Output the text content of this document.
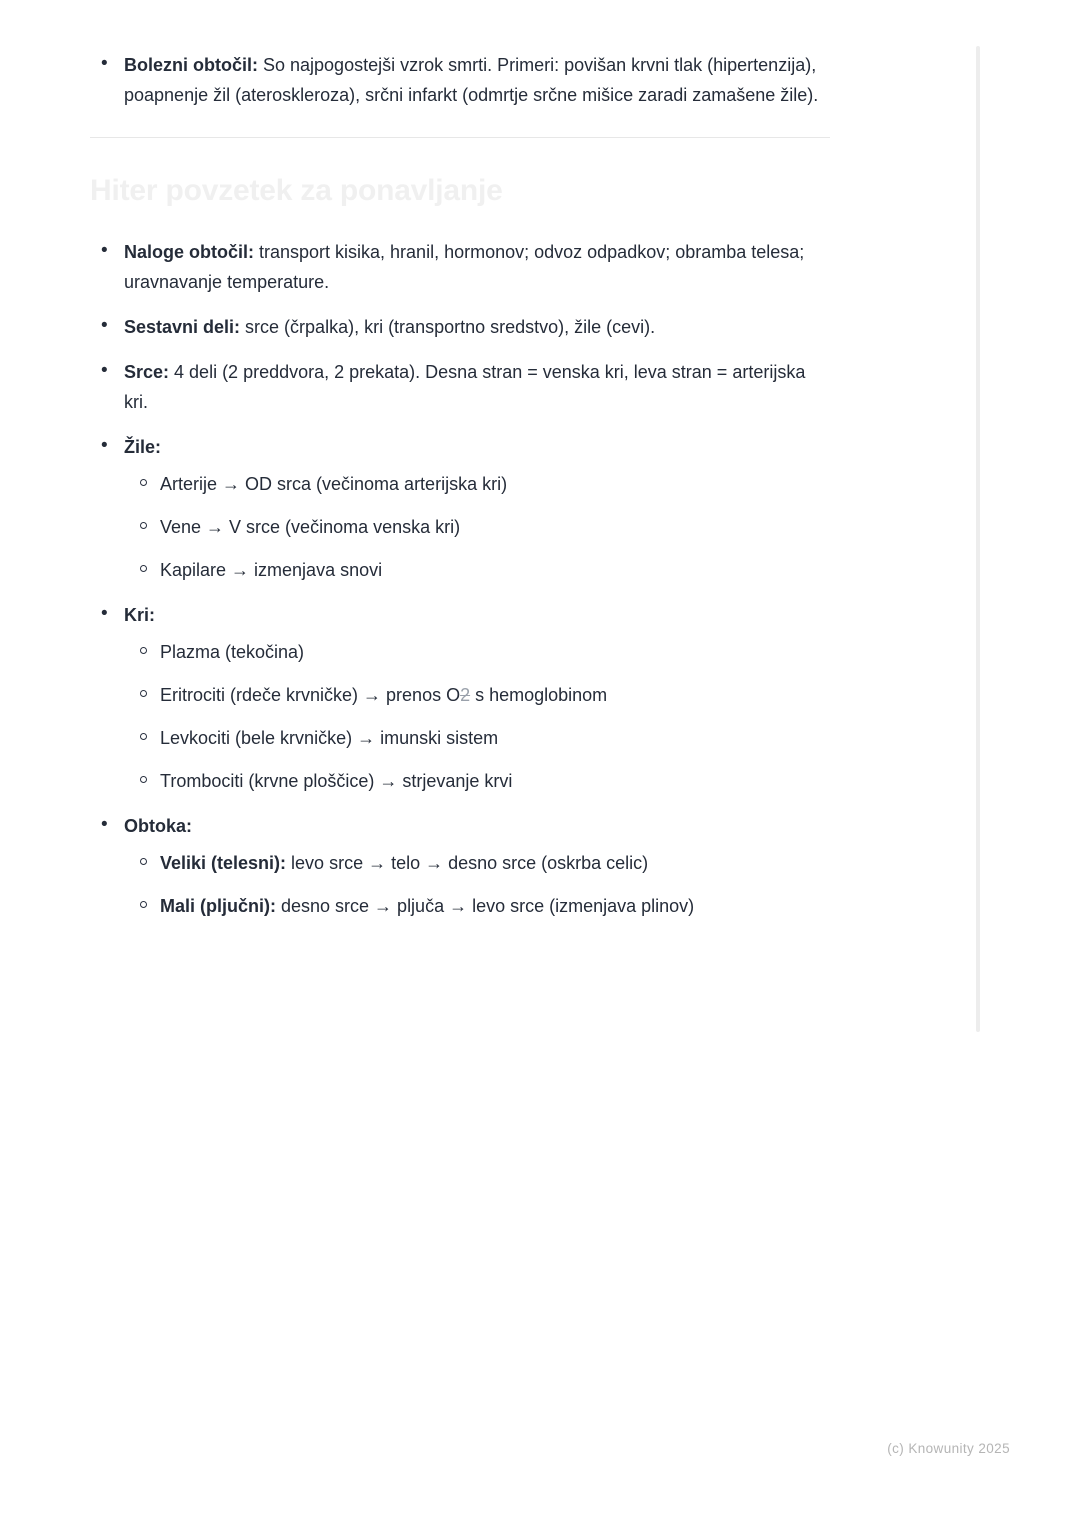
• Bolezni obtočil: So najpogostejši vzrok smrti. Primeri: povišan krvni tlak (hipertenzija), poapnenje žil (ateroskleroza), srčni infarkt (odmrtje srčne mišice zaradi zamašene žile).
Hiter povzetek za ponavljanje
• Naloge obtočil: transport kisika, hranil, hormonov; odvoz odpadkov; obramba telesa; uravnavanje temperature.
• Sestavni deli: srce (črpalka), kri (transportno sredstvo), žile (cevi).
• Srce: 4 deli (2 preddvora, 2 prekata). Desna stran = venska kri, leva stran = arterijska kri.
• Žile:
Arterije → OD srca (večinoma arterijska kri)
Vene → V srce (večinoma venska kri)
Kapilare → izmenjava snovi
• Kri:
Plazma (tekočina)
Eritrociti (rdeče krvničke) → prenos O2 s hemoglobinom
Levkociti (bele krvničke) → imunski sistem
Trombociti (krvne ploščice) → strjevanje krvi
• Obtoka:
Veliki (telesni): levo srce → telo → desno srce (oskrba celic)
Mali (pljučni): desno srce → pljuča → levo srce (izmenjava plinov)
(c) Knowunity 2025
